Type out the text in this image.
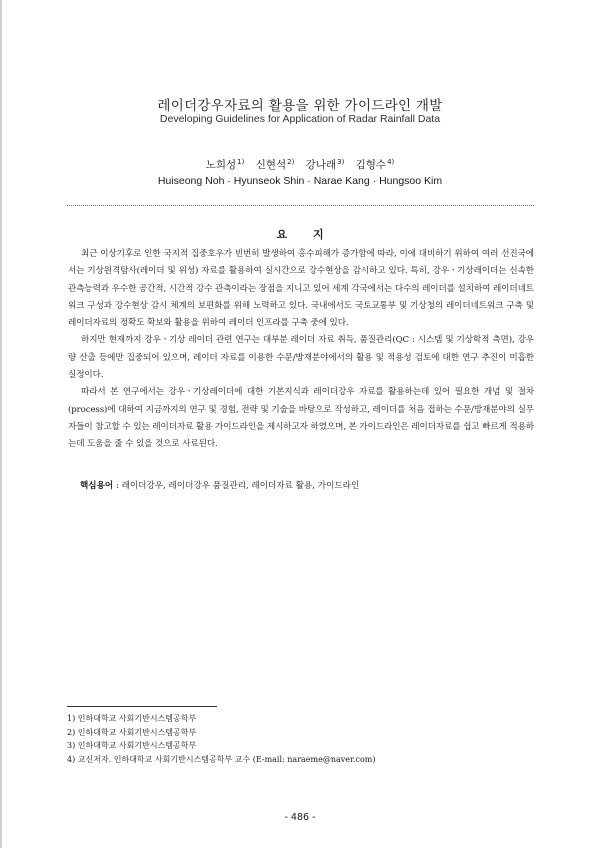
레이더강우자료의 활용을 위한 가이드라인 개발
Developing Guidelines for Application of Radar Rainfall Data
노희성$^{1)}$ 신현석$^{2)}$ 강나래$^{3)}$ 김형수$^{4)}$
Huiseong Noh · Hyunseok Shin · Narae Kang · Hungsoo Kim
요지

최근 이상기후로 인한 국지적 집중호우가 빈번히 발생하여 홍수피해가 증가함에 따라, 이에 대비하기 위하여 여러 선진국에서는 기상원격탐사(레이더 및 위성) 자료를 활용하여 실시간으로 강수현상을 감시하고 있다. 특히, 강우ㆍ기상레이더는 신속한 관측능력과 우수한 공간적, 시간적 강수 관측이라는 장점을 지니고 있어 세계 각국에서는 다수의 레이더를 설치하여 레이더네트워크 구성과 강수현상 감시 체계의 보편화를 위해 노력하고 있다. 국내에서도 국토교통부 및 기상청의 레이더네트워크 구축 및 레이더자료의 정확도 확보와 활용을 위하여 레이더 인프라를 구축 중에 있다.

하지만 현재까지 강우ㆍ기상 레이더 관련 연구는 대부분 레이더 자료 취득, 품질관리(QC : 시스템 및 기상학적 측면), 강우량 산출 등에만 집중되어 있으며, 레이더 자료를 이용한 수문/방재분야에서의 활용 및 적용성 검토에 대한 연구 추진이 미흡한 실정이다.

따라서 본 연구에서는 강우ㆍ기상레이더에 대한 기본지식과 레이더강우 자료를 활용하는데 있어 필요한 개념 및 절차(process)에 대하여 지금까지의 연구 및 경험, 전략 및 기술을 바탕으로 작성하고, 레이더를 처음 접하는 수문/방재분야의 실무자들이 참고할 수 있는 레이더자료 활용 가이드라인을 제시하고자 하였으며, 본 가이드라인은 레이더자료를 쉽고 빠르게 적용하는데 도움을 줄 수 있을 것으로 사료된다.

핵심용어 : 레이더강우, 레이더강우 품질관리, 레이더자료 활용, 가이드라인
1) 인하대학교 사회기반시스템공학부
2) 인하대학교 사회기반시스템공학부
3) 인하대학교 사회기반시스템공학부
4) 교신저자. 인하대학교 사회기반시스템공학부 교수 (E-mail: naraeme@naver.com)
- 486 -
